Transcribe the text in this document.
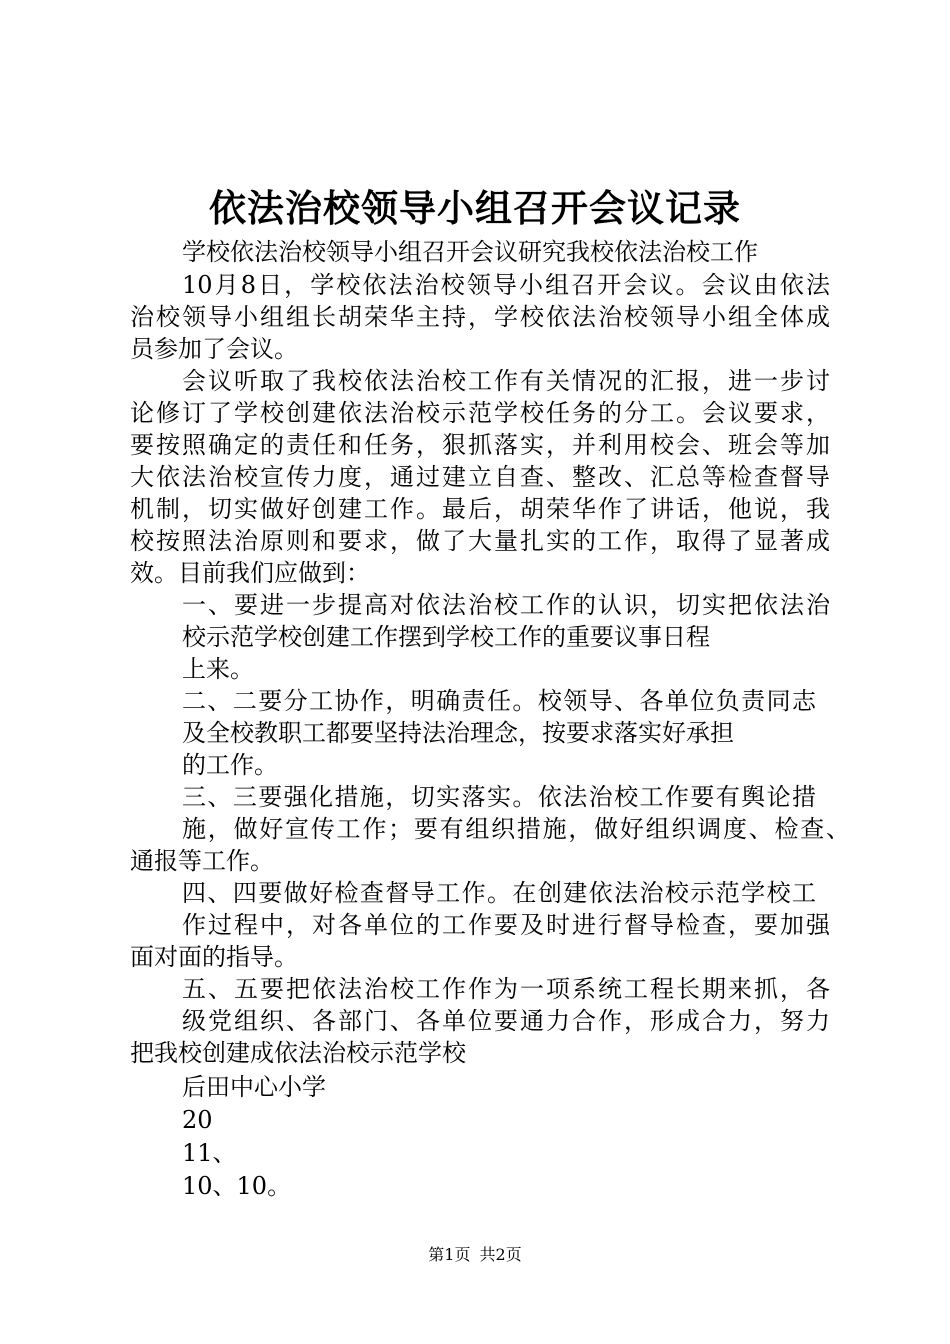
依法治校领导小组召开会议记录

学校依法治校领导小组召开会议研究我校依法治校工作

10月8日，学校依法治校领导小组召开会议。会议由依法

治校领导小组组长胡荣华主持，学校依法治校领导小组全体成

员参加了会议。

会议听取了我校依法治校工作有关情况的汇报，进一步讨

论修订了学校创建依法治校示范学校任务的分工。会议要求，

要按照确定的责任和任务，狠抓落实，并利用校会、班会等加

大依法治校宣传力度，通过建立自查、整改、汇总等检查督导

机制，切实做好创建工作。最后，胡荣华作了讲话，他说，我

校按照法治原则和要求，做了大量扎实的工作，取得了显著成

效。目前我们应做到：

一、要进一步提高对依法治校工作的认识，切实把依法治

校示范学校创建工作摆到学校工作的重要议事日程

上来。

二、二要分工协作，明确责任。校领导、各单位负责同志

及全校教职工都要坚持法治理念，按要求落实好承担

的工作。

三、三要强化措施，切实落实。依法治校工作要有舆论措

施，做好宣传工作；要有组织措施，做好组织调度、检查、

通报等工作。

四、四要做好检查督导工作。在创建依法治校示范学校工

作过程中，对各单位的工作要及时进行督导检查，要加强

面对面的指导。

五、五要把依法治校工作作为一项系统工程长期来抓，各

级党组织、各部门、各单位要通力合作，形成合力，努力

把我校创建成依法治校示范学校

后田中心小学

20

11、

10、10。

第1页 共2页
